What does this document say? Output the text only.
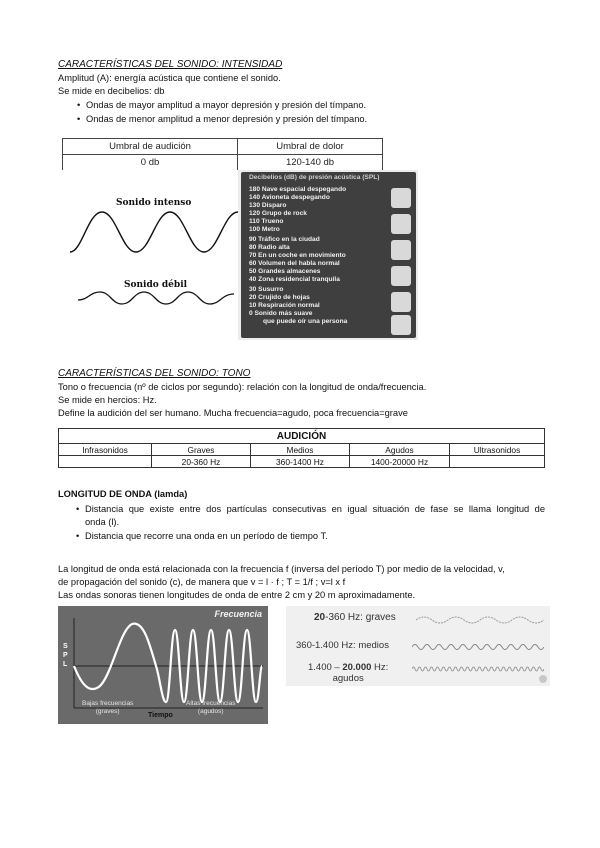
CARACTERÍSTICAS DEL SONIDO: INTENSIDAD
Amplitud (A): energía acústica que contiene el sonido.
Se mide en decibelios: db
• Ondas de mayor amplitud a mayor depresión y presión del tímpano.
• Ondas de menor amplitud a menor depresión y presión del tímpano.
Umbral de audición	Umbral de dolor
0 db	120-140 db
Sonido intenso
Sonido débil
Decibelios (dB) de presión acústica (SPL)
180 Nave espacial despegando
140 Avioneta despegando
130 Disparo
120 Grupo de rock
110 Trueno
100 Metro
90 Tráfico en la ciudad
80 Radio alta
70 En un coche en movimiento
60 Volumen del habla normal
50 Grandes almacenes
40 Zona residencial tranquila
30 Susurro
20 Crujido de hojas
10 Respiración normal
0 Sonido más suave
que puede oír una persona
CARACTERÍSTICAS DEL SONIDO: TONO
Tono o frecuencia (nº de ciclos por segundo): relación con la longitud de onda/frecuencia.
Se mide en hercios: Hz.
Define la audición del ser humano. Mucha frecuencia=agudo, poca frecuencia=grave
AUDICIÓN				
Infrasonidos	Graves	Medios	Agudos	Ultrasonidos
	20-360 Hz	360-1400 Hz	1400-20000 Hz	
LONGITUD DE ONDA (lamda)
• Distancia que existe entre dos partículas consecutivas en igual situación de fase se llama longitud de
onda (l).
• Distancia que recorre una onda en un período de tiempo T.
La longitud de onda está relacionada con la frecuencia f (inversa del período T) por medio de la velocidad, v,
de propagación del sonido (c), de manera que v = l · f ; T = 1/f ; v=l x f
Las ondas sonoras tienen longitudes de onda de entre 2 cm y 20 m aproximadamente.
Frecuencia
SPL
Bajas frecuencias
(graves)
Tiempo
Altas frecuencias
(agudos)
20-360 Hz: graves
360-1.400 Hz: medios
1.400 – 20.000 Hz:
agudos
